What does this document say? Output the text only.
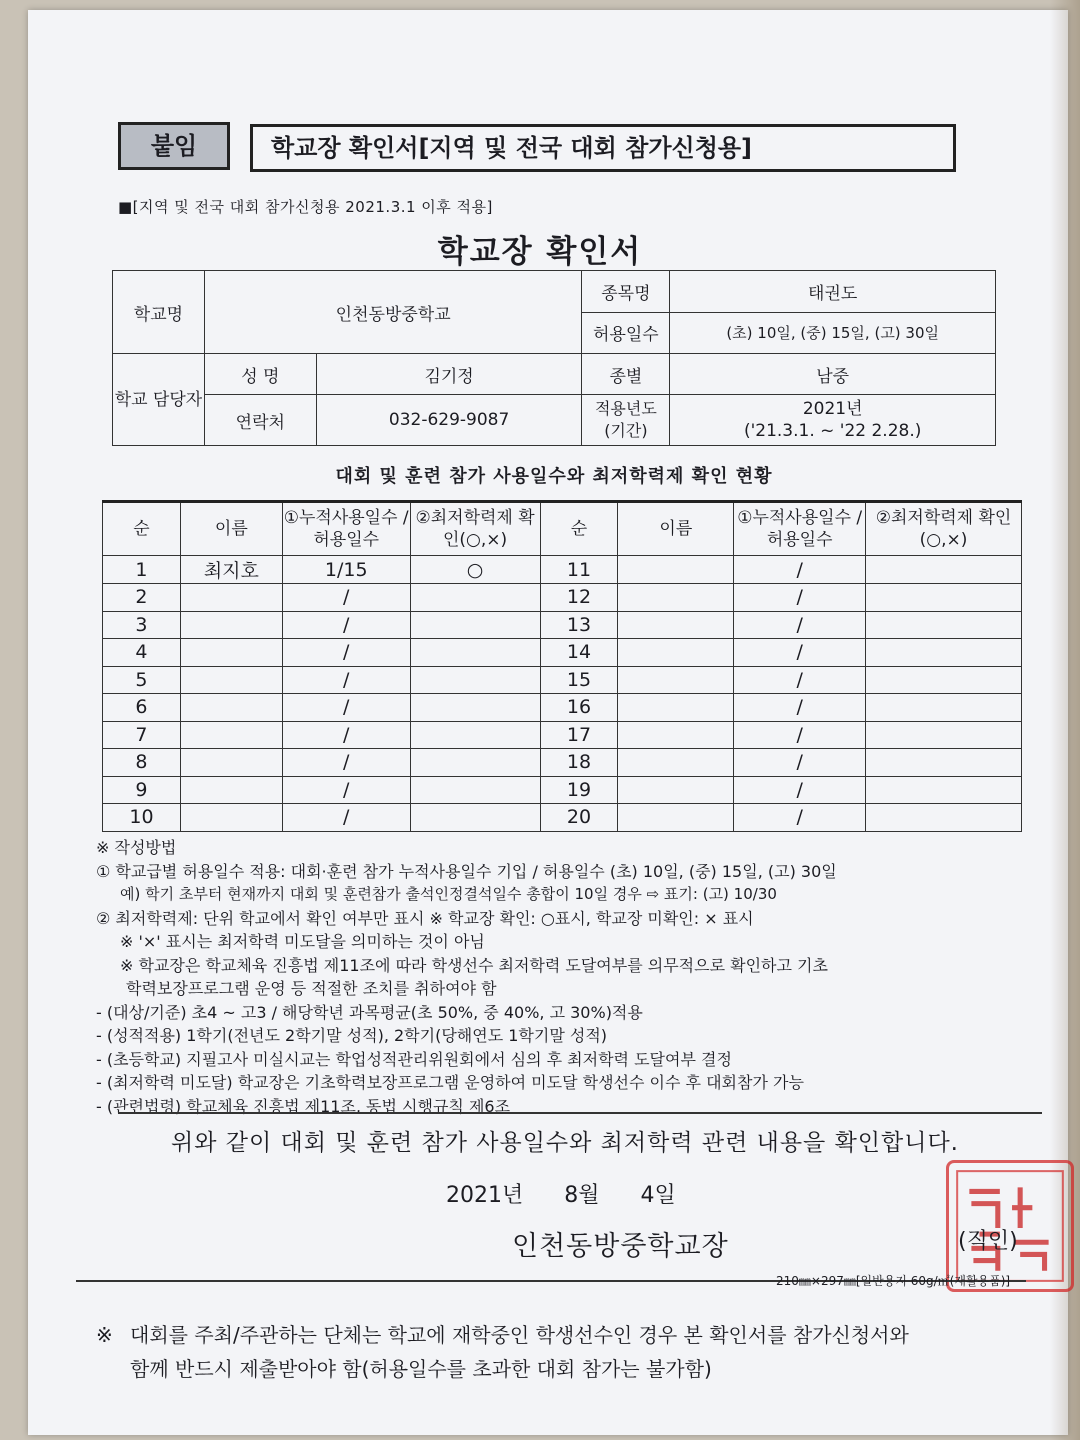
붙임	학교장 확인서[지역 및 전국 대회 참가신청용]
■[지역 및 전국 대회 참가신청용 2021.3.1 이후 적용]
학교장 확인서
학교명	인천동방중학교		종목명	태권도
			허용일수	(초) 10일, (중) 15일, (고) 30일
학교 담당자	성 명	김기정	종별	남중
	연락처	032-629-9087	적용년도 (기간)	2021년
('21.3.1. ~ '22 2.28.)
대회 및 훈련 참가 사용일수와 최저학력제 확인 현황
순	이름	①누적사용일수 /허용일수	②최저학력제 확인(○,×)	순	이름	①누적사용일수 /허용일수	②최저학력제 확인(○,×)
1	최지호	1/15	○	11		/	
2		/		12		/	
3		/		13		/	
4		/		14		/	
5		/		15		/	
6		/		16		/	
7		/		17		/	
8		/		18		/	
9		/		19		/	
10		/		20		/	
※ 작성방법
① 학교급별 허용일수 적용: 대회·훈련 참가 누적사용일수 기입 / 허용일수 (초) 10일, (중) 15일, (고) 30일
예) 학기 초부터 현재까지 대회 및 훈련참가 출석인정결석일수 총합이 10일 경우 ⇨ 표기: (고) 10/30
② 최저학력제: 단위 학교에서 확인 여부만 표시 ※ 학교장 확인: ○표시, 학교장 미확인: × 표시
※ '×' 표시는 최저학력 미도달을 의미하는 것이 아님
※ 학교장은 학교체육 진흥법 제11조에 따라 학생선수 최저학력 도달여부를 의무적으로 확인하고 기초
학력보장프로그램 운영 등 적절한 조치를 취하여야 함
- (대상/기준) 초4 ~ 고3 / 해당학년 과목평균(초 50%, 중 40%, 고 30%)적용
- (성적적용) 1학기(전년도 2학기말 성적), 2학기(당해연도 1학기말 성적)
- (초등학교) 지필고사 미실시교는 학업성적관리위원회에서 심의 후 최저학력 도달여부 결정
- (최저학력 미도달) 학교장은 기초학력보장프로그램 운영하여 미도달 학생선수 이수 후 대회참가 가능
- (관련법령) 학교체육 진흥법 제11조, 동법 시행규칙 제6조
위와 같이 대회 및 훈련 참가 사용일수와 최저학력 관련 내용을 확인합니다.
2021년 8월 4일
인천동방중학교장	(직인)
210㎜×297㎜[일반용지 60g/㎡(재활용품)]
※ 대회를 주최/주관하는 단체는 학교에 재학중인 학생선수인 경우 본 확인서를 참가신청서와
함께 반드시 제출받아야 함(허용일수를 초과한 대회 참가는 불가함)
